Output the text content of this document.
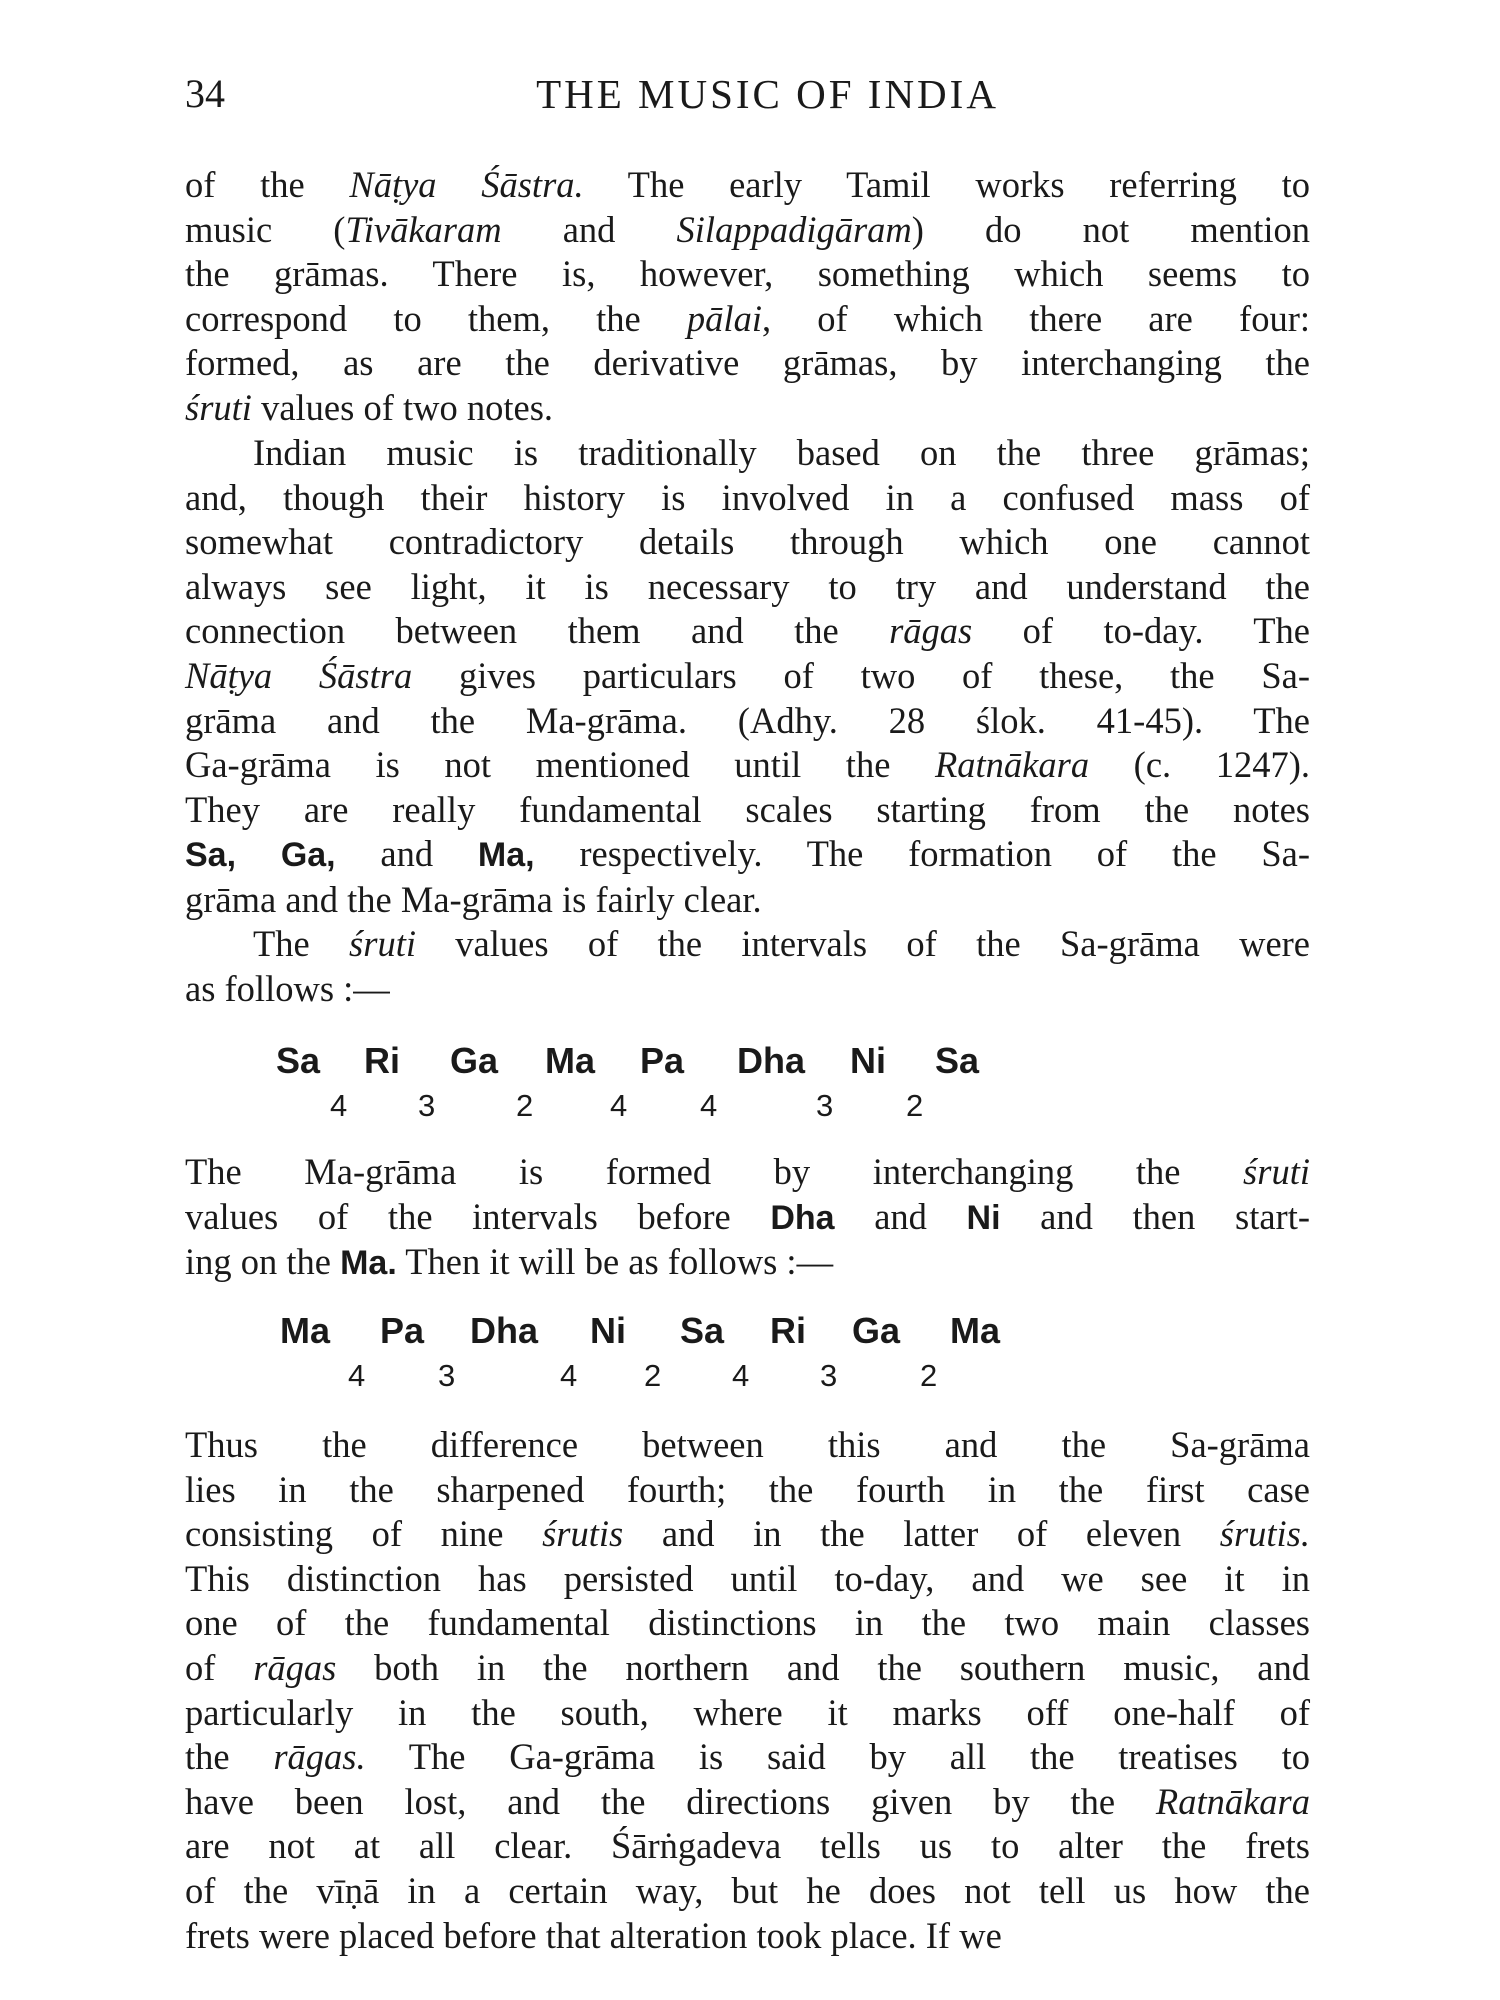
34	THE MUSIC OF INDIA

of the Nāṭya Śāstra. The early Tamil works referring to
music (Tivākaram and Silappadigāram) do not mention
the grāmas. There is, however, something which seems to
correspond to them, the pālai, of which there are four:
formed, as are the derivative grāmas, by interchanging the
śruti values of two notes.

Indian music is traditionally based on the three grāmas;
and, though their history is involved in a confused mass of
somewhat contradictory details through which one cannot
always see light, it is necessary to try and understand the
connection between them and the rāgas of to-day. The
Nāṭya Śāstra gives particulars of two of these, the Sa-
grāma and the Ma-grāma. (Adhy. 28 ślok. 41-45). The
Ga-grāma is not mentioned until the Ratnākara (c. 1247).
They are really fundamental scales starting from the notes
Sa, Ga, and Ma, respectively. The formation of the Sa-
grāma and the Ma-grāma is fairly clear.

The śruti values of the intervals of the Sa-grāma were
as follows :—

Sa Ri Ga Ma Pa Dha Ni Sa
4 3	2 4 4	3 2

The Ma-grāma is formed by interchanging the śruti
values of the intervals before Dha and Ni and then start-
ing on the Ma. Then it will be as follows :—

Ma Pa Dha Ni Sa Ri Ga Ma
4 3	4 2 4 3	2

Thus the difference between this and the Sa-grāma
lies in the sharpened fourth; the fourth in the first case
consisting of nine śrutis and in the latter of eleven śrutis.
This distinction has persisted until to-day, and we see it in
one of the fundamental distinctions in the two main classes
of rāgas both in the northern and the southern music, and
particularly in the south, where it marks off one-half of
the rāgas. The Ga-grāma is said by all the treatises to
have been lost, and the directions given by the Ratnākara
are not at all clear. Śārṅgadeva tells us to alter the frets
of the vīṇā in a certain way, but he does not tell us how the
frets were placed before that alteration took place. If we
